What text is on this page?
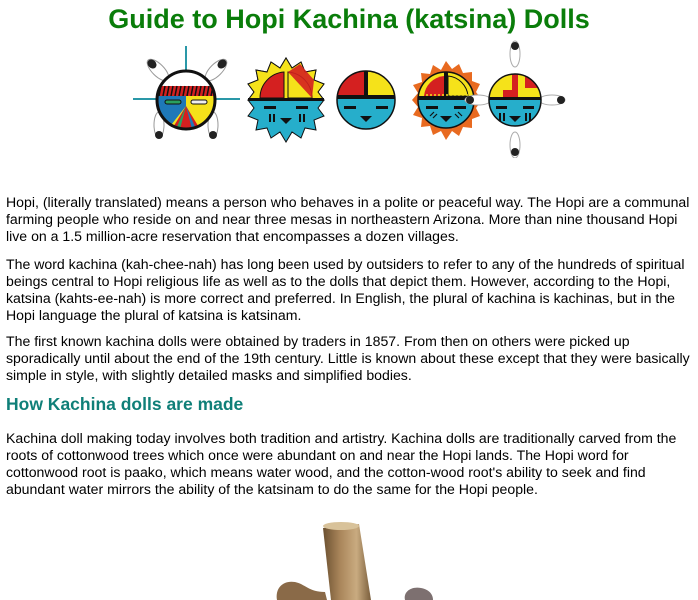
Guide to Hopi Kachina (katsina) Dolls

Hopi, (literally translated) means a person who behaves in a polite or peaceful way. The Hopi are a communal farming people who reside on and near three mesas in northeastern Arizona. More than nine thousand Hopi live on a 1.5 million-acre reservation that encompasses a dozen villages.

The word kachina (kah-chee-nah) has long been used by outsiders to refer to any of the hundreds of spiritual beings central to Hopi religious life as well as to the dolls that depict them. However, according to the Hopi, katsina (kahts-ee-nah) is more correct and preferred. In English, the plural of kachina is kachinas, but in the Hopi language the plural of katsina is katsinam.

The first known kachina dolls were obtained by traders in 1857. From then on others were picked up sporadically until about the end of the 19th century. Little is known about these except that they were basically simple in style, with slightly detailed masks and simplified bodies.

How Kachina dolls are made

Kachina doll making today involves both tradition and artistry. Kachina dolls are traditionally carved from the roots of cottonwood trees which once were abundant on and near the Hopi lands. The Hopi word for cottonwood root is paako, which means water wood, and the cotton-wood root's ability to seek and find abundant water mirrors the ability of the katsinam to do the same for the Hopi people.
